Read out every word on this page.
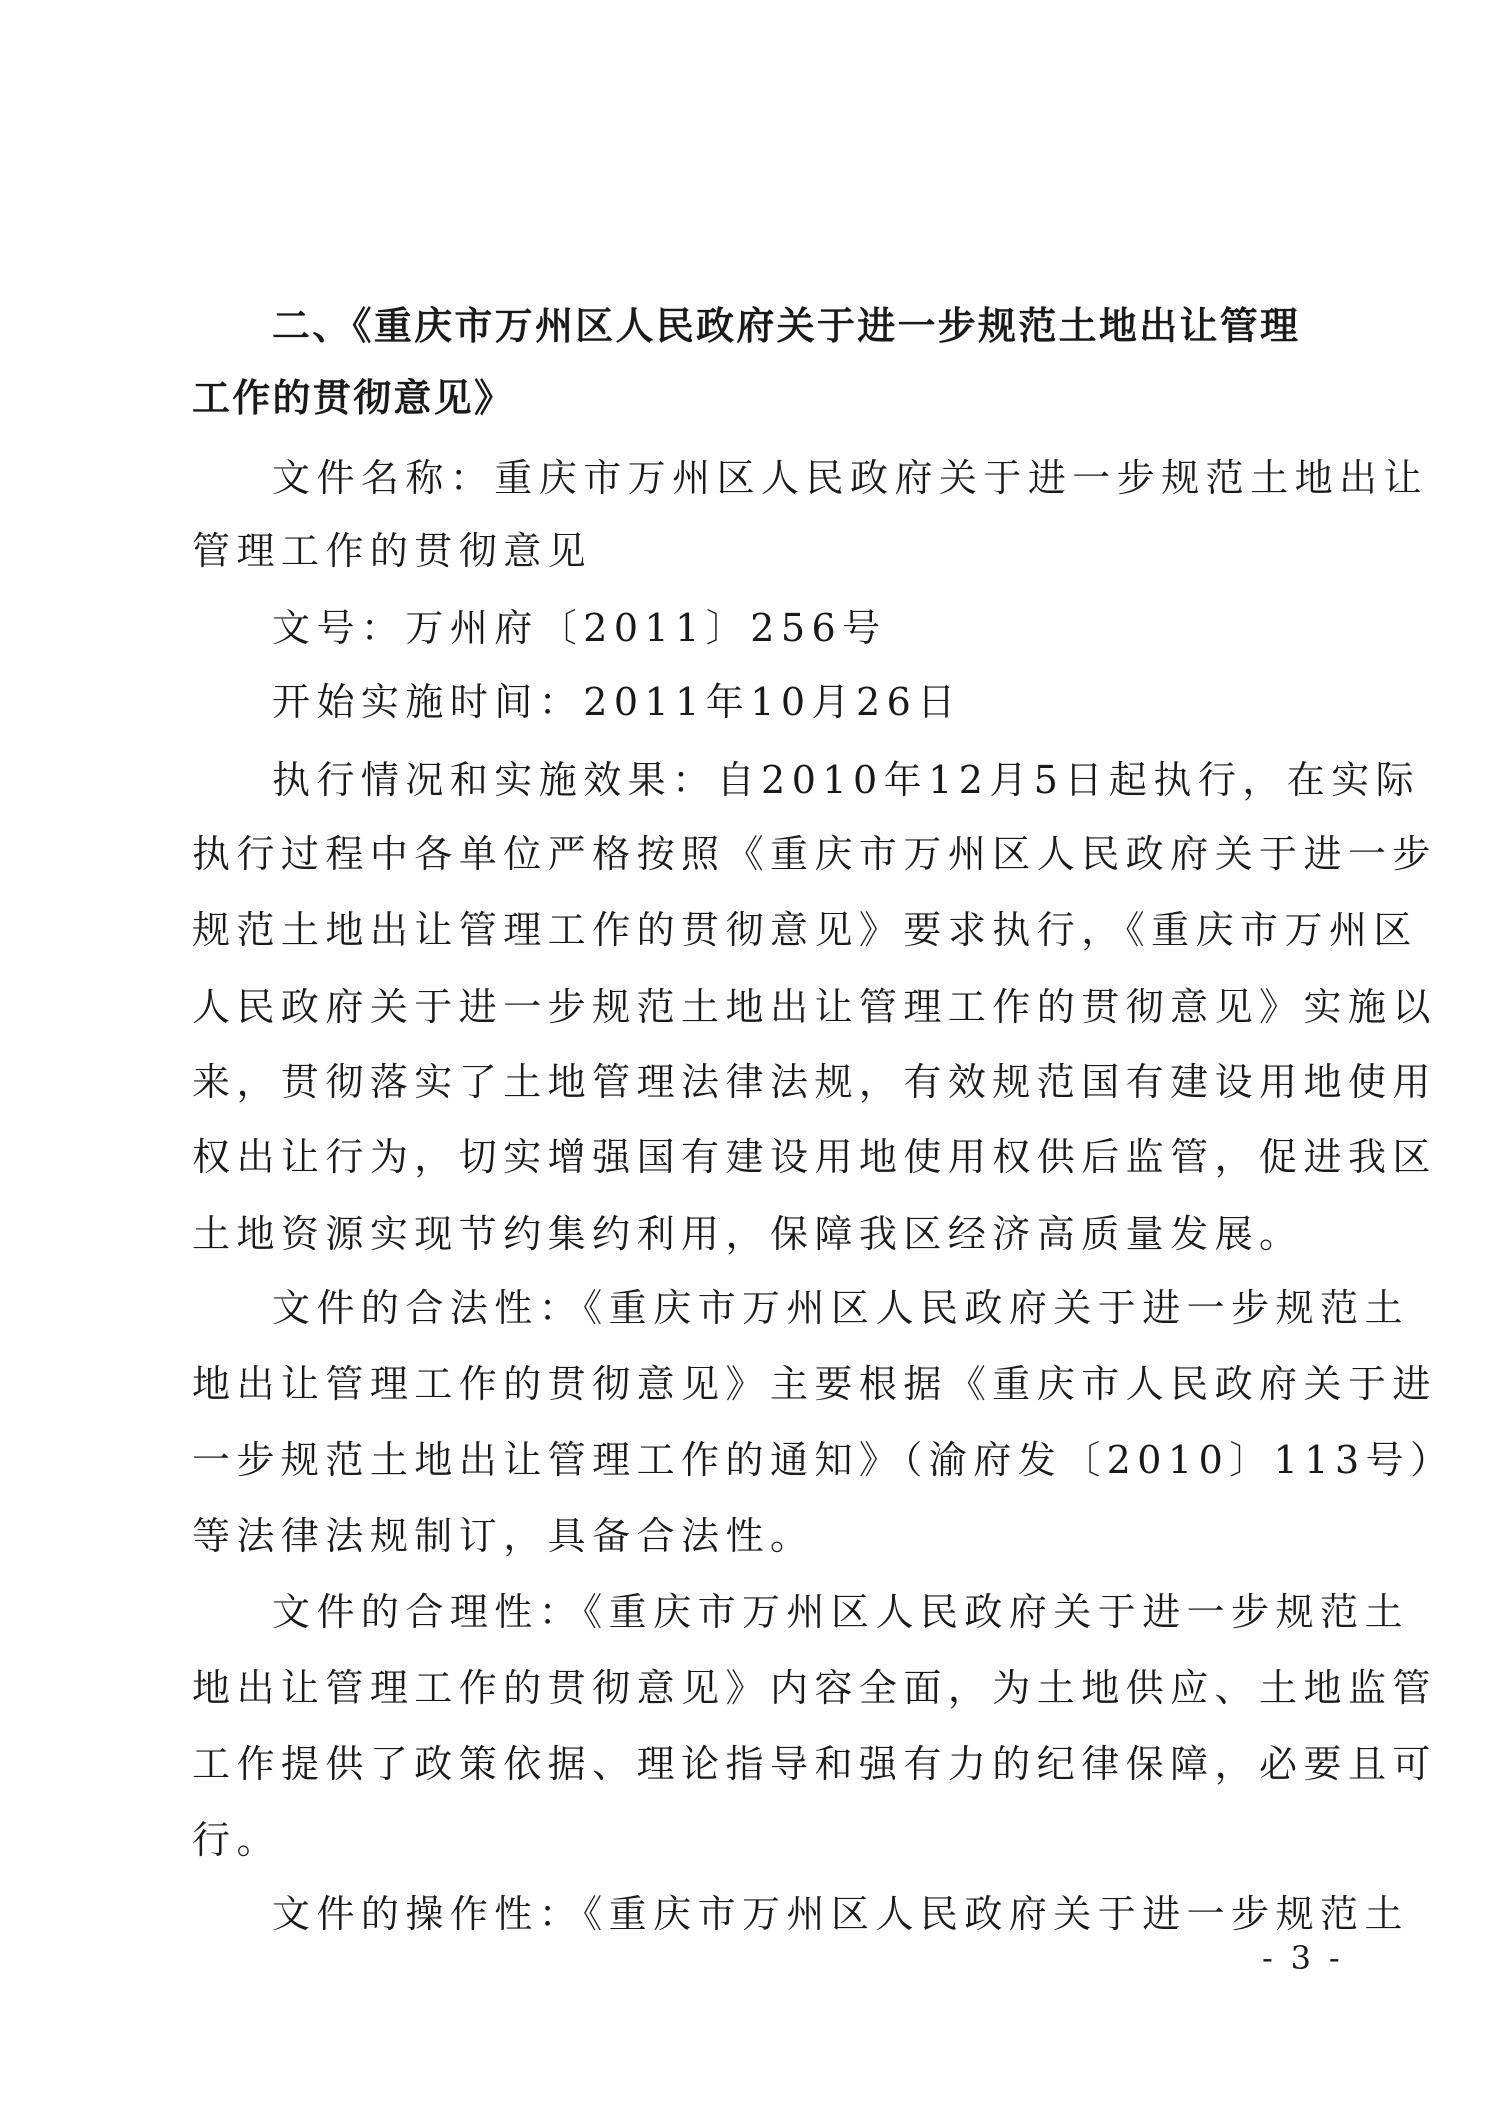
二、《重庆市万州区人民政府关于进一步规范土地出让管理
工作的贯彻意见》
文件名称：重庆市万州区人民政府关于进一步规范土地出让
管理工作的贯彻意见
文号：万州府〔2011〕256号
开始实施时间：2011年10月26日
执行情况和实施效果：自2010年12月5日起执行，在实际
执行过程中各单位严格按照《重庆市万州区人民政府关于进一步
规范土地出让管理工作的贯彻意见》要求执行，《重庆市万州区
人民政府关于进一步规范土地出让管理工作的贯彻意见》实施以
来，贯彻落实了土地管理法律法规，有效规范国有建设用地使用
权出让行为，切实增强国有建设用地使用权供后监管，促进我区
土地资源实现节约集约利用，保障我区经济高质量发展。
文件的合法性：《重庆市万州区人民政府关于进一步规范土
地出让管理工作的贯彻意见》主要根据《重庆市人民政府关于进
一步规范土地出让管理工作的通知》（渝府发〔2010〕113号）
等法律法规制订，具备合法性。
文件的合理性：《重庆市万州区人民政府关于进一步规范土
地出让管理工作的贯彻意见》内容全面，为土地供应、土地监管
工作提供了政策依据、理论指导和强有力的纪律保障，必要且可
行。
文件的操作性：《重庆市万州区人民政府关于进一步规范土
- 3 -
